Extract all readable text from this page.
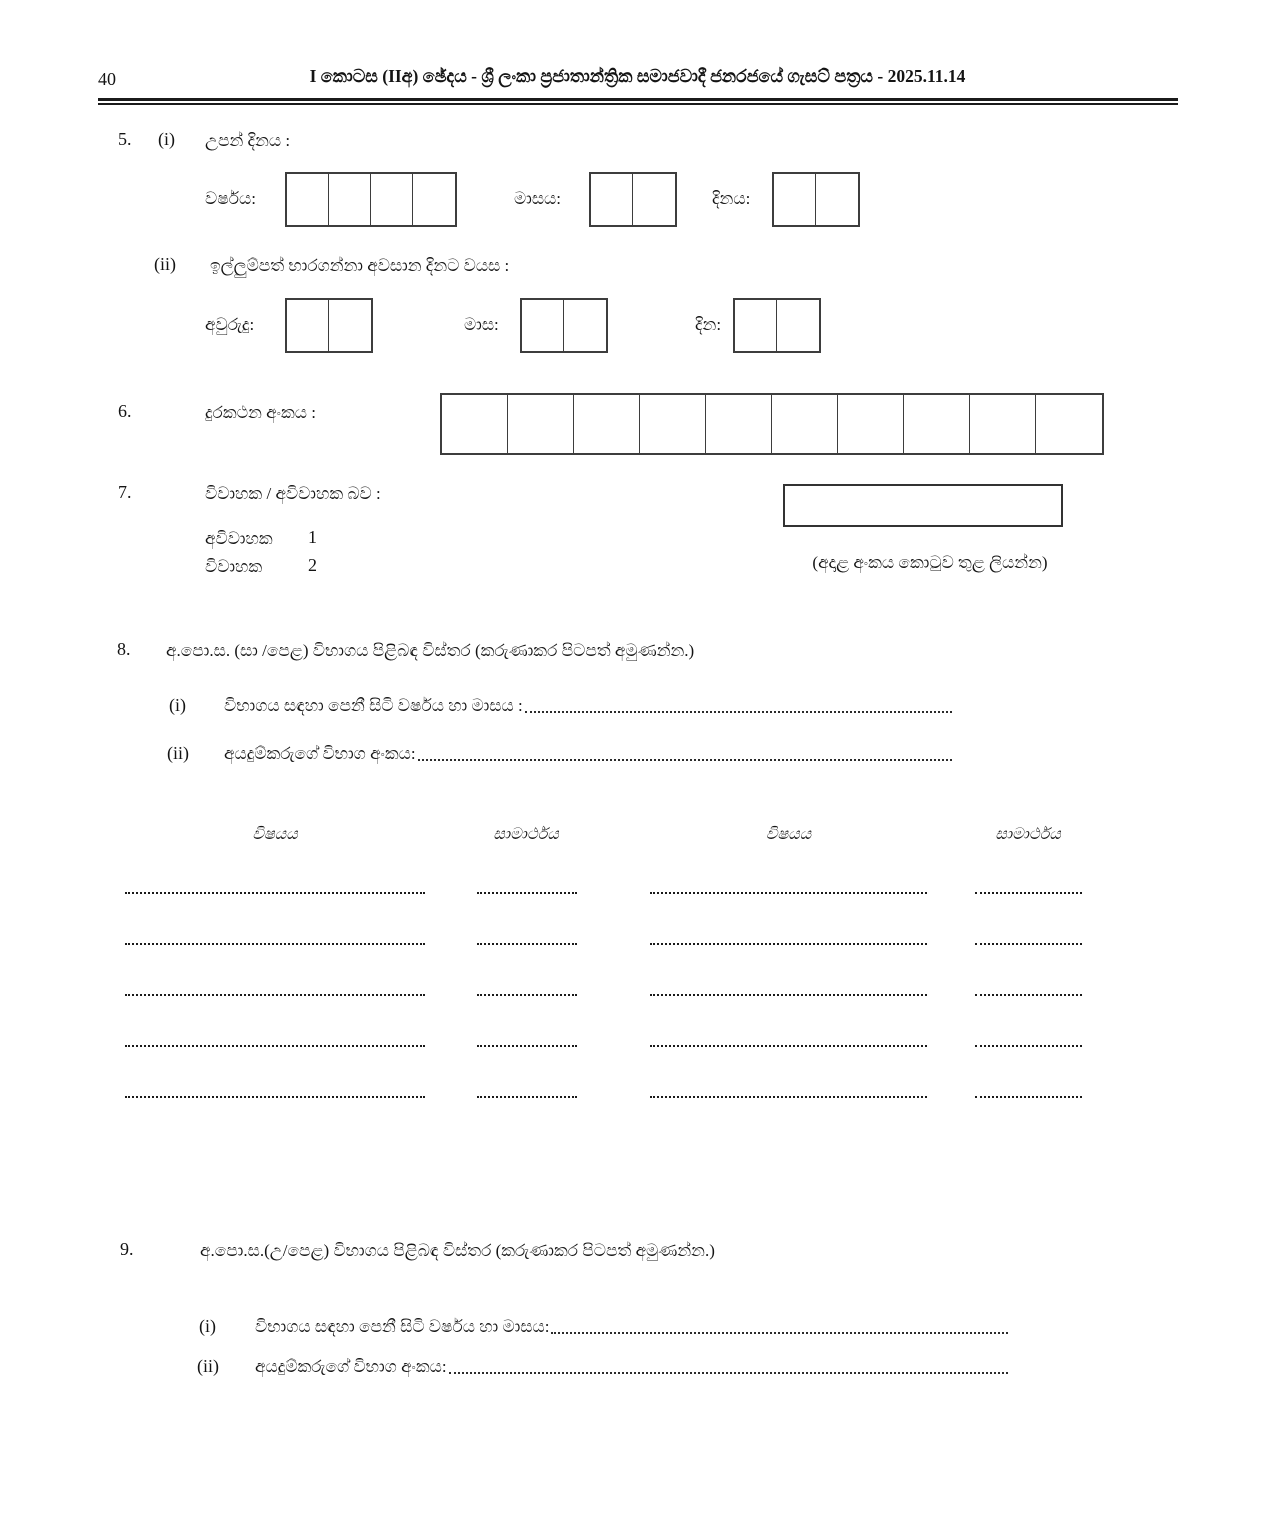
40	I කොටස (IIඅ) ඡේදය - ශ්‍රී ලංකා ප්‍රජාතාන්ත්‍රික සමාජවාදී ජනරජයේ ගැසට් පත්‍රය - 2025.11.14
5. (i) උපන් දිනය :
වර්ෂය:	මාසය:	දිනය:
(ii) ඉල්ලුම්පත් භාරගන්නා අවසාන දිනට වයස :
අවුරුදු:	මාස:	දින:
6.	දුරකථන අංකය :
7.	විවාහක / අවිවාහක බව :
අවිවාහක 1
විවාහක	2	(අදාළ අංකය කොටුව තුළ ලියන්න)
8. අ.පො.ස. (සා /පෙළ) විභාගය පිළිබඳ විස්තර (කරුණාකර පිටපත් අමුණන්න.)
(i) විභාගය සඳහා පෙනී සිටි වර්ෂය හා මාසය :
(ii) අයදුම්කරුගේ විභාග අංකය:
විෂයය	සාමාර්ථය	විෂයය	සාමාර්ථය
9.	අ.පො.ස.(උ/පෙළ) විභාගය පිළිබඳ විස්තර (කරුණාකර පිටපත් අමුණන්න.)
(i) විභාගය සඳහා පෙනී සිටි වර්ෂය හා මාසය:
(ii) අයදුම්කරුගේ විභාග අංකය:
